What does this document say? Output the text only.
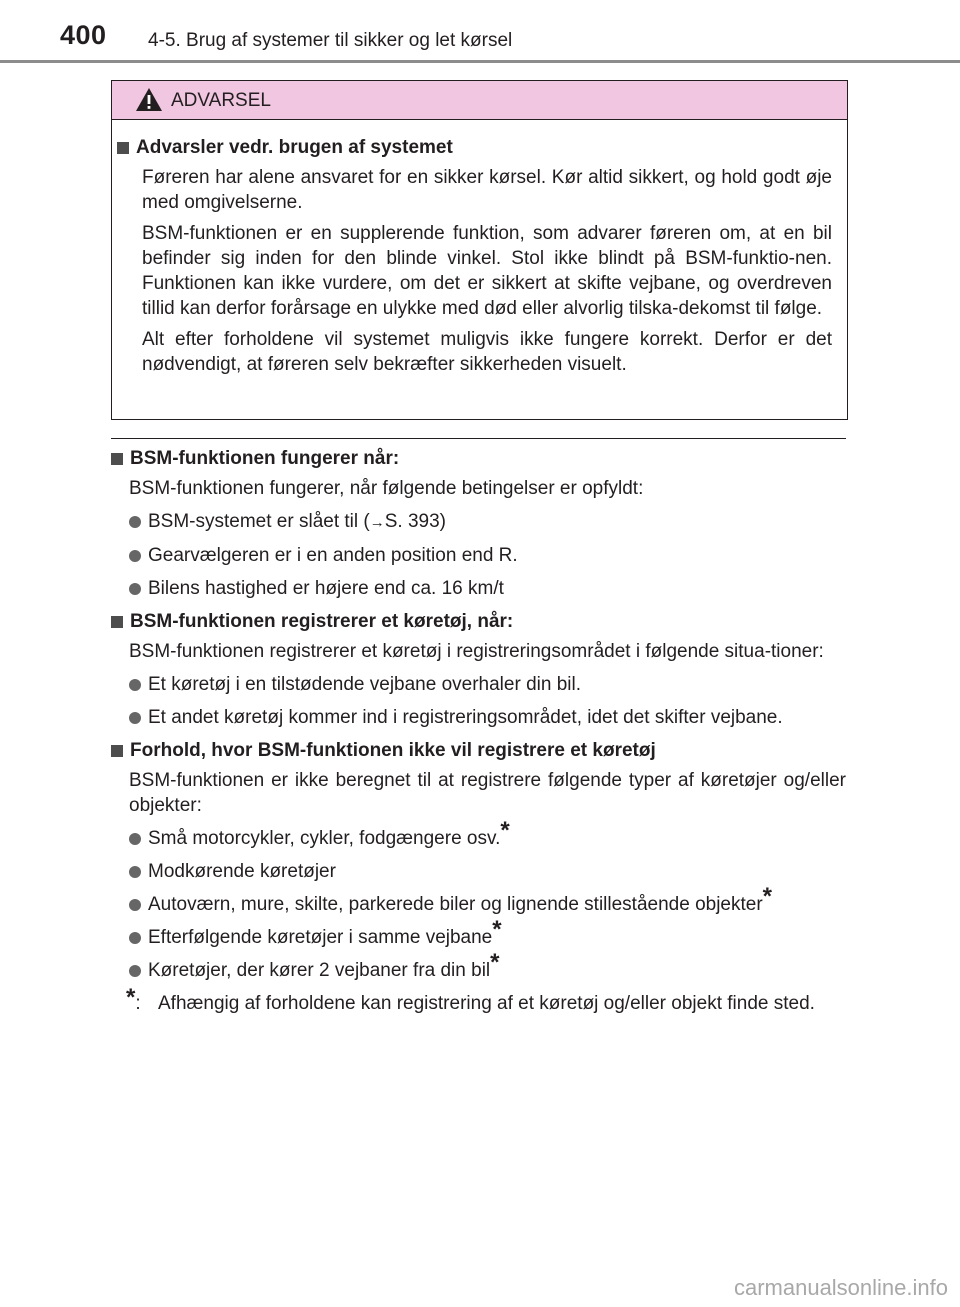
400 4-5. Brug af systemer til sikker og let kørsel
ADVARSEL
Advarsler vedr. brugen af systemet

Føreren har alene ansvaret for en sikker kørsel. Kør altid sikkert, og hold godt øje med omgivelserne.

BSM-funktionen er en supplerende funktion, som advarer føreren om, at en bil befinder sig inden for den blinde vinkel. Stol ikke blindt på BSM-funktio-nen. Funktionen kan ikke vurdere, om det er sikkert at skifte vejbane, og overdreven tillid kan derfor forårsage en ulykke med død eller alvorlig tilska-dekomst til følge.

Alt efter forholdene vil systemet muligvis ikke fungere korrekt. Derfor er det nødvendigt, at føreren selv bekræfter sikkerheden visuelt.

BSM-funktionen fungerer når:

BSM-funktionen fungerer, når følgende betingelser er opfyldt:

BSM-systemet er slået til (→S. 393)
Gearvælgeren er i en anden position end R.
Bilens hastighed er højere end ca. 16 km/t
BSM-funktionen registrerer et køretøj, når:

BSM-funktionen registrerer et køretøj i registreringsområdet i følgende situa-tioner:

Et køretøj i en tilstødende vejbane overhaler din bil.
Et andet køretøj kommer ind i registreringsområdet, idet det skifter vejbane.
Forhold, hvor BSM-funktionen ikke vil registrere et køretøj

BSM-funktionen er ikke beregnet til at registrere følgende typer af køretøjer og/eller objekter:

Små motorcykler, cykler, fodgængere osv.*
Modkørende køretøjer
Autoværn, mure, skilte, parkerede biler og lignende stillestående objekter*
Efterfølgende køretøjer i samme vejbane*
Køretøjer, der kører 2 vejbaner fra din bil*
*: Afhængig af forholdene kan registrering af et køretøj og/eller objekt finde sted.
carmanualsonline.info
